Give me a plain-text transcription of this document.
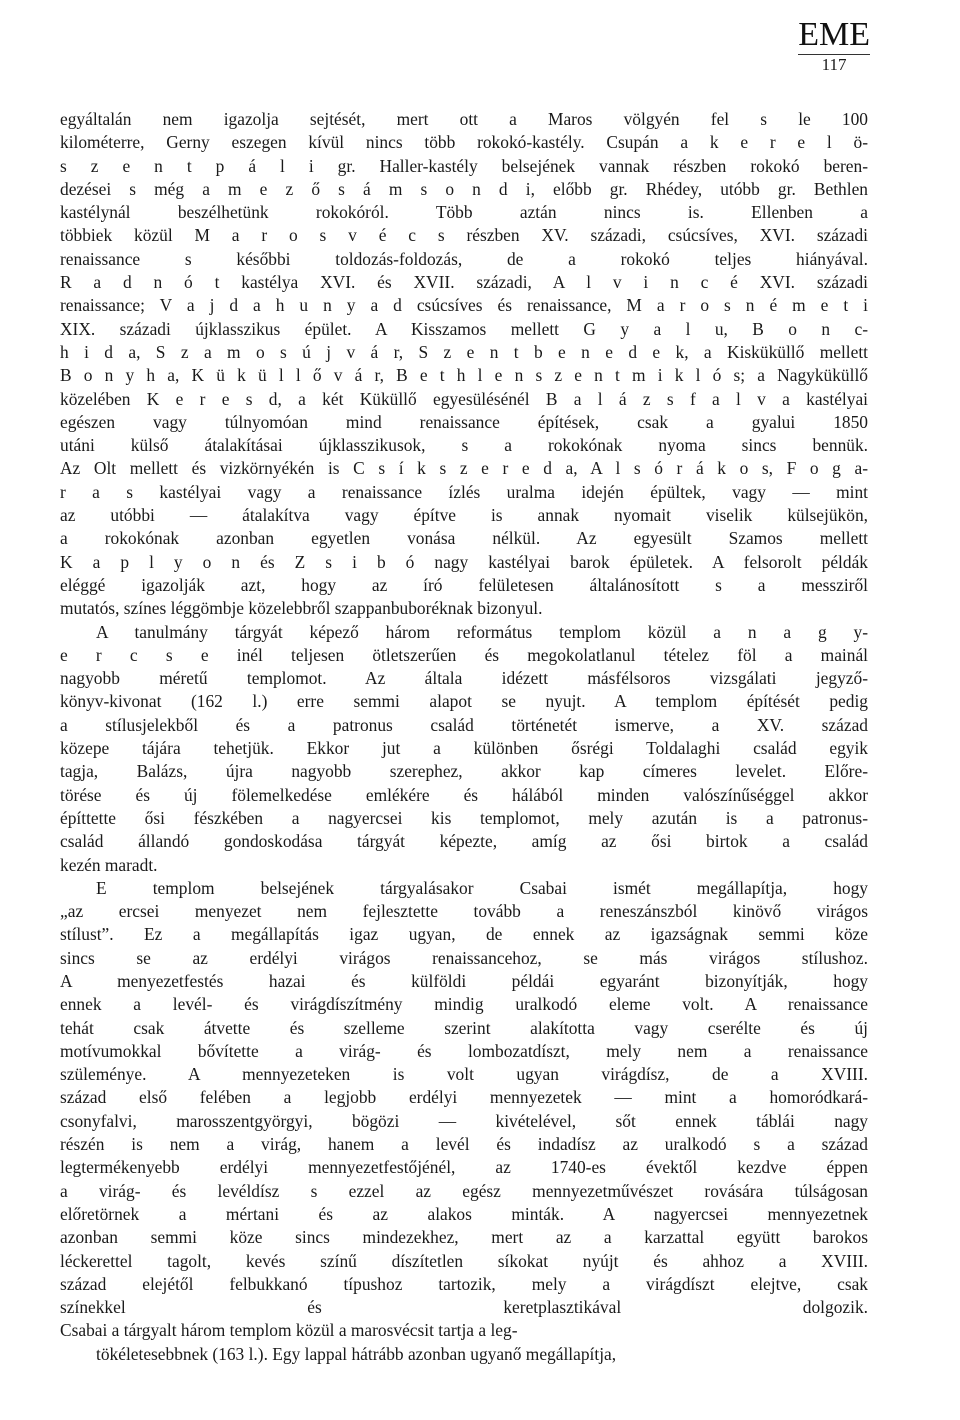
EME
117
egyáltalán nem igazolja sejtését, mert ott a Maros völgyén fel s le 100
kilométerre, Gerny eszegen kívül nincs több rokokó-kastély. Csupán a k e r e l ö-
s z e n t p á l i gr. Haller-kastély belsejének vannak részben rokokó beren-
dezései s még a m e z ő s á m s o n d i, előbb gr. Rhédey, utóbb gr. Bethlen
kastélynál beszélhetünk rokokóról. Több aztán nincs is. Ellenben a
többiek közül M a r o s v é c s részben XV. századi, csúcsíves, XVI. századi
renaissance s későbbi toldozás-foldozás, de a rokokó teljes hiányával.
R a d n ó t kastélya XVI. és XVII. századi, A l v i n c é XVI. századi
renaissance; V a j d a h u n y a d csúcsíves és renaissance, M a r o s n é m e t i
XIX. századi újklasszikus épület. A Kisszamos mellett G y a l u, B o n c-
h i d a, S z a m o s ú j v á r, S z e n t b e n e d e k, a Kisküküllő mellett
B o n y h a, K ü k ü l l ő v á r, B e t h l e n s z e n t m i k l ó s; a Nagyküküllő
közelében K e r e s d, a két Küküllő egyesülésénél B a l á z s f a l v a kastélyai
egészen vagy túlnyomóan mind renaissance építések, csak a gyalui 1850
utáni külső átalakításai újklasszikusok, s a rokokónak nyoma sincs bennük.
Az Olt mellett és vizkörnyékén is C s í k s z e r e d a, A l s ó r á k o s, F o g a-
r a s kastélyai vagy a renaissance ízlés uralma idején épültek, vagy — mint
az utóbbi — átalakítva vagy építve is annak nyomait viselik külsejükön,
a rokokónak azonban egyetlen vonása nélkül. Az egyesült Szamos mellett
K a p l y o n és Z s i b ó nagy kastélyai barok épületek. A felsorolt példák
eléggé igazolják azt, hogy az író felületesen általánosított s a messziről
mutatós, színes léggömbje közelebbről szappanbuboréknak bizonyul.
A tanulmány tárgyát képező három református templom közül a n a g y-
e r c s e inél teljesen ötletszerűen és megokolatlanul tételez föl a mainál
nagyobb méretű templomot. Az általa idézett másfélsoros vizsgálati jegyző-
könyv-kivonat (162 l.) erre semmi alapot se nyujt. A templom építését pedig
a stílusjelekből és a patronus család történetét ismerve, a XV. század
közepe tájára tehetjük. Ekkor jut a különben ősrégi Toldalaghi család egyik
tagja, Balázs, újra nagyobb szerephez, akkor kap címeres levelet. Előre-
törése és új fölemelkedése emlékére és hálából minden valószínűséggel akkor
építtette ősi fészkében a nagyercsei kis templomot, mely azután is a patronus-
család állandó gondoskodása tárgyát képezte, amíg az ősi birtok a család
kezén maradt.
E templom belsejének tárgyalásakor Csabai ismét megállapítja, hogy
„az ercsei menyezet nem fejlesztette tovább a reneszánszból kinövő virágos
stílust”. Ez a megállapítás igaz ugyan, de ennek az igazságnak semmi köze
sincs se az erdélyi virágos renaissancehoz, se más virágos stílushoz.
A menyezetfestés hazai és külföldi példái egyaránt bizonyítják, hogy
ennek a levél- és virágdíszítmény mindig uralkodó eleme volt. A renaissance
tehát csak átvette és szelleme szerint alakította vagy cserélte és új
motívumokkal bővítette a virág- és lombozatdíszt, mely nem a renaissance
szüleménye. A mennyezeteken is volt ugyan virágdísz, de a XVIII.
század első felében a legjobb erdélyi mennyezetek — mint a homoródkará-
csonyfalvi, marosszentgyörgyi, bögözi — kivételével, sőt ennek táblái nagy
részén is nem a virág, hanem a levél és indadísz az uralkodó s a század
legtermékenyebb erdélyi mennyezetfestőjénél, az 1740-es évektől kezdve éppen
a virág- és levéldísz s ezzel az egész mennyezetművészet rovására túlságosan
előretörnek a mértani és az alakos minták. A nagyercsei mennyezetnek
azonban semmi köze sincs mindezekhez, mert az a karzattal együtt barokos
léckerettel tagolt, kevés színű díszítetlen síkokat nyújt és ahhoz a XVIII.
század elejétől felbukkanó típushoz tartozik, mely a virágdíszt elejtve, csak
színekkel és keretplasztikával dolgozik.
Csabai a tárgyalt három templom közül a marosvécsit tartja a leg-
tökéletesebbnek (163 l.). Egy lappal hátrább azonban ugyanő megállapítja,
